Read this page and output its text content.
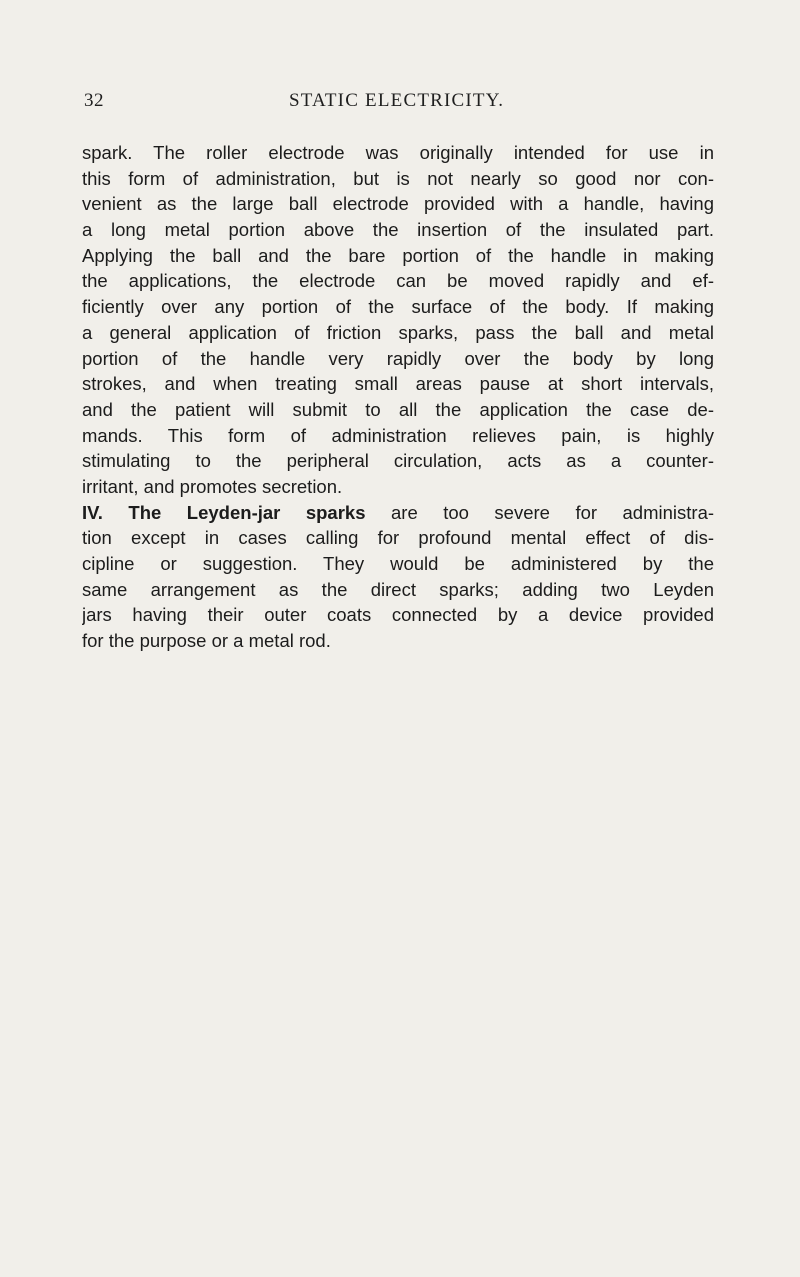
32	STATIC ELECTRICITY.
spark. The roller electrode was originally intended for use in
this form of administration, but is not nearly so good nor con-
venient as the large ball electrode provided with a handle, having
a long metal portion above the insertion of the insulated part.
Applying the ball and the bare portion of the handle in making
the applications, the electrode can be moved rapidly and ef-
ficiently over any portion of the surface of the body. If making
a general application of friction sparks, pass the ball and metal
portion of the handle very rapidly over the body by long
strokes, and when treating small areas pause at short intervals,
and the patient will submit to all the application the case de-
mands. This form of administration relieves pain, is highly
stimulating to the peripheral circulation, acts as a counter-
irritant, and promotes secretion.
IV. The Leyden-jar sparks are too severe for administra-
tion except in cases calling for profound mental effect of dis-
cipline or suggestion. They would be administered by the
same arrangement as the direct sparks; adding two Leyden
jars having their outer coats connected by a device provided
for the purpose or a metal rod.
